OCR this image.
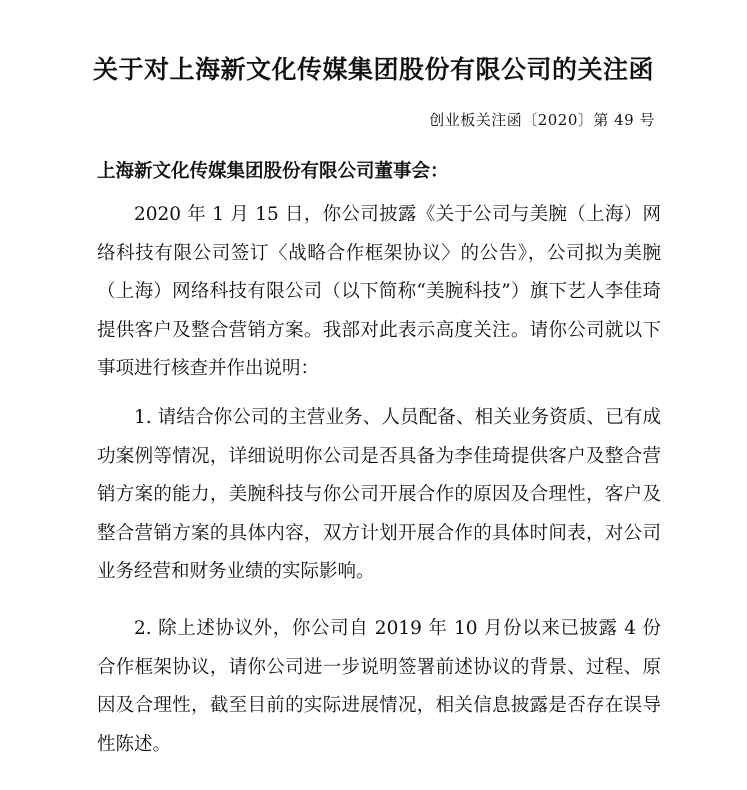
关于对上海新文化传媒集团股份有限公司的关注函
创业板关注函〔2020〕第 49 号
上海新文化传媒集团股份有限公司董事会：

2020 年 1 月 15 日，你公司披露《关于公司与美腕（上海）网络科技有限公司签订〈战略合作框架协议〉的公告》，公司拟为美腕（上海）网络科技有限公司（以下简称“美腕科技”）旗下艺人李佳琦提供客户及整合营销方案。我部对此表示高度关注。请你公司就以下事项进行核查并作出说明：

1. 请结合你公司的主营业务、人员配备、相关业务资质、已有成功案例等情况，详细说明你公司是否具备为李佳琦提供客户及整合营销方案的能力，美腕科技与你公司开展合作的原因及合理性，客户及整合营销方案的具体内容，双方计划开展合作的具体时间表，对公司业务经营和财务业绩的实际影响。

2. 除上述协议外，你公司自 2019 年 10 月份以来已披露 4 份合作框架协议，请你公司进一步说明签署前述协议的背景、过程、原因及合理性，截至目前的实际进展情况，相关信息披露是否存在误导性陈述。
